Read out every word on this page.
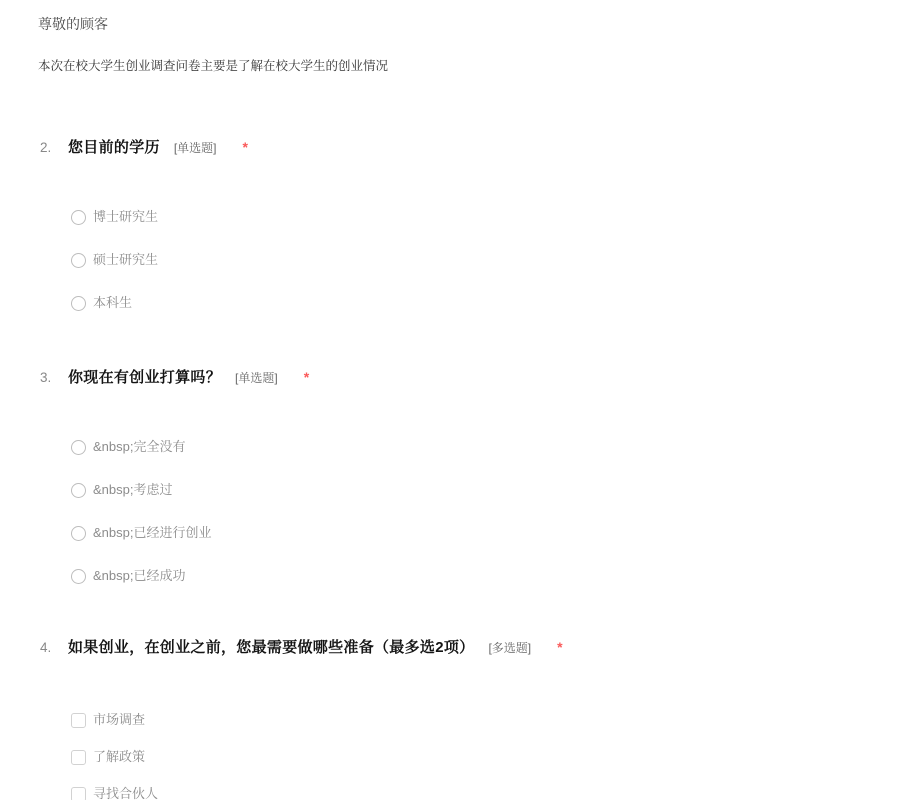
尊敬的顾客
本次在校大学生创业调查问卷主要是了解在校大学生的创业情况
2.	您目前的学历 [单选题] *
博士研究生
硕士研究生
本科生
3.	你现在有创业打算吗？ [单选题] *
&nbsp;完全没有
&nbsp;考虑过
&nbsp;已经进行创业
&nbsp;已经成功
4.	如果创业，在创业之前，您最需要做哪些准备（最多选2项） [多选题] *
市场调查
了解政策
寻找合伙人
